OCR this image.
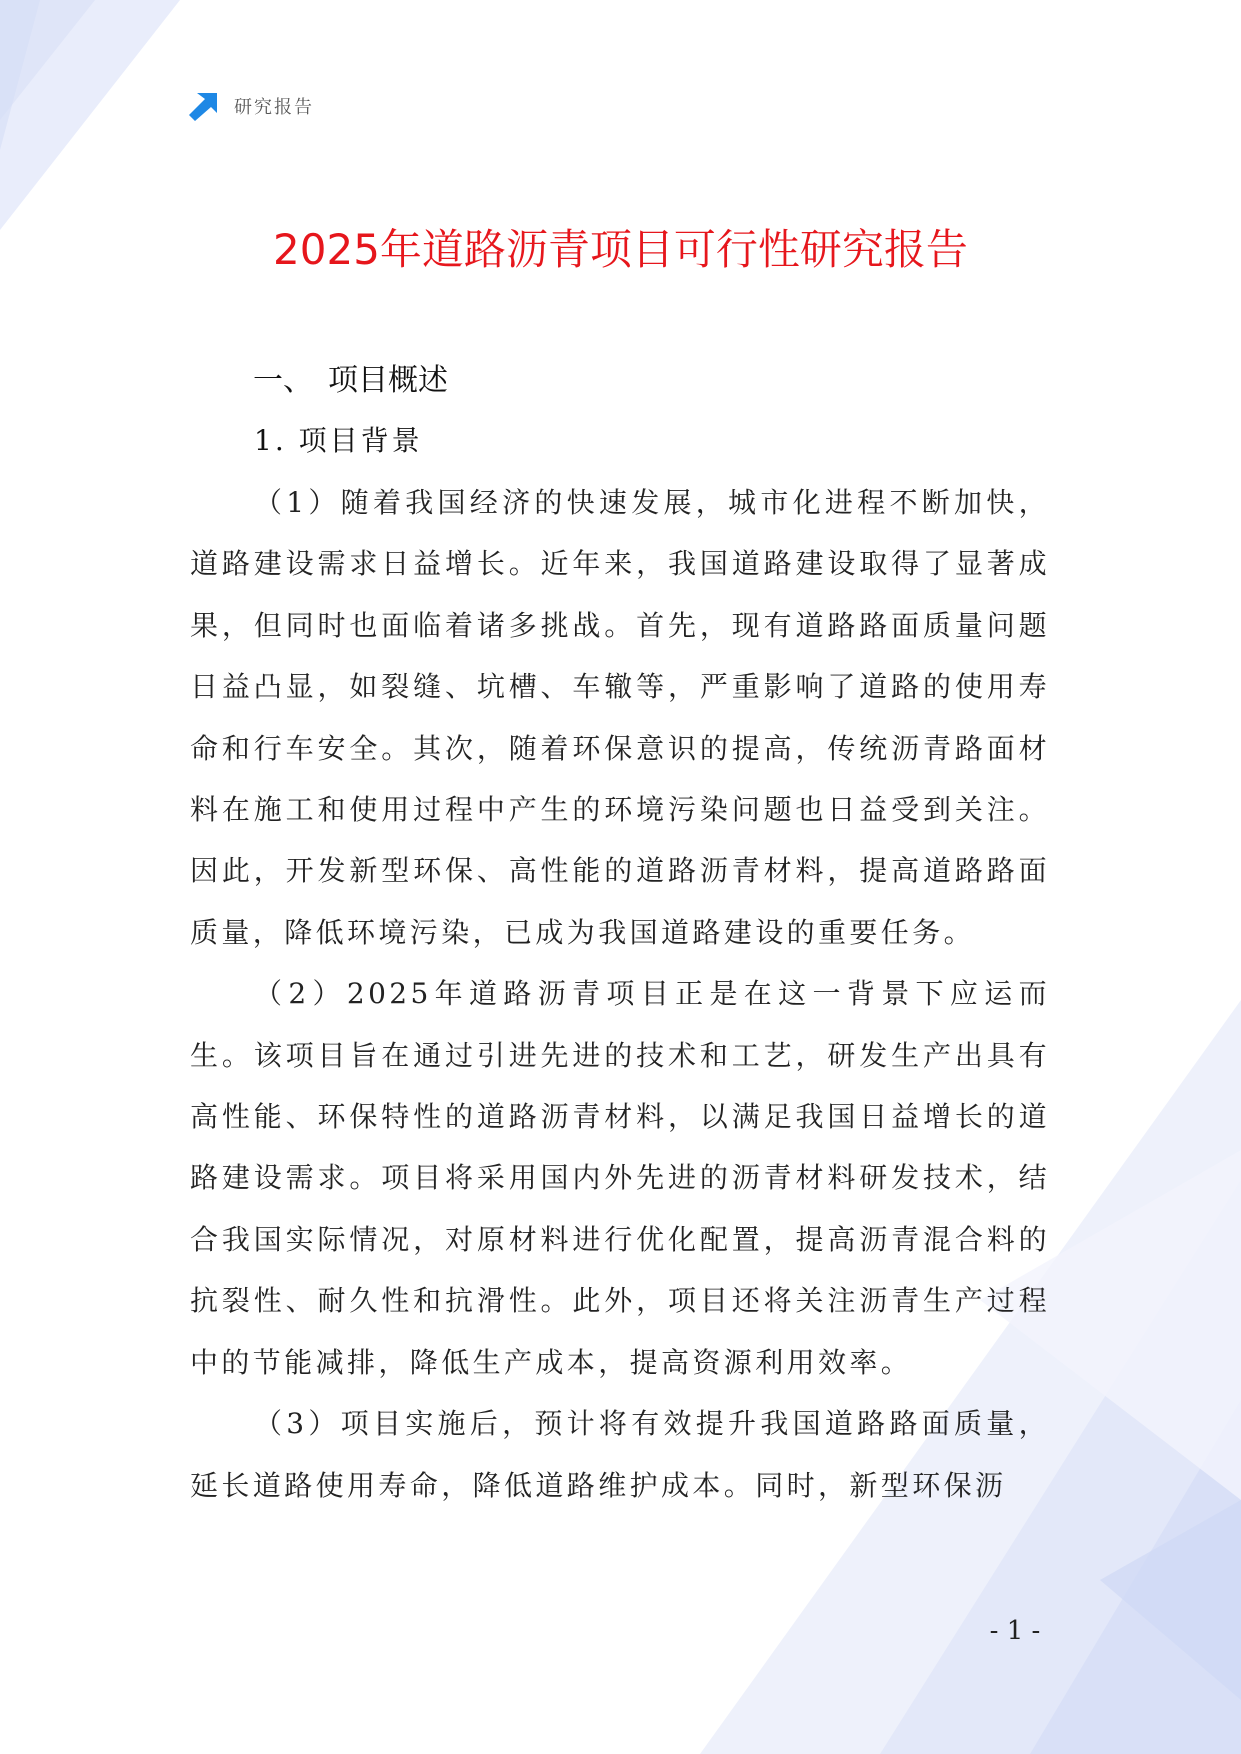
研究报告
2025年道路沥青项目可行性研究报告
一、 项目概述
1. 项目背景

（1）随着我国经济的快速发展，城市化进程不断加快，道路建设需求日益增长。近年来，我国道路建设取得了显著成果，但同时也面临着诸多挑战。首先，现有道路路面质量问题日益凸显，如裂缝、坑槽、车辙等，严重影响了道路的使用寿命和行车安全。其次，随着环保意识的提高，传统沥青路面材料在施工和使用过程中产生的环境污染问题也日益受到关注。因此，开发新型环保、高性能的道路沥青材料，提高道路路面质量，降低环境污染，已成为我国道路建设的重要任务。

（2）2025年道路沥青项目正是在这一背景下应运而生。该项目旨在通过引进先进的技术和工艺，研发生产出具有高性能、环保特性的道路沥青材料，以满足我国日益增长的道路建设需求。项目将采用国内外先进的沥青材料研发技术，结合我国实际情况，对原材料进行优化配置，提高沥青混合料的抗裂性、耐久性和抗滑性。此外，项目还将关注沥青生产过程中的节能减排，降低生产成本，提高资源利用效率。

（3）项目实施后，预计将有效提升我国道路路面质量，延长道路使用寿命，降低道路维护成本。同时，新型环保沥

- 1 -
